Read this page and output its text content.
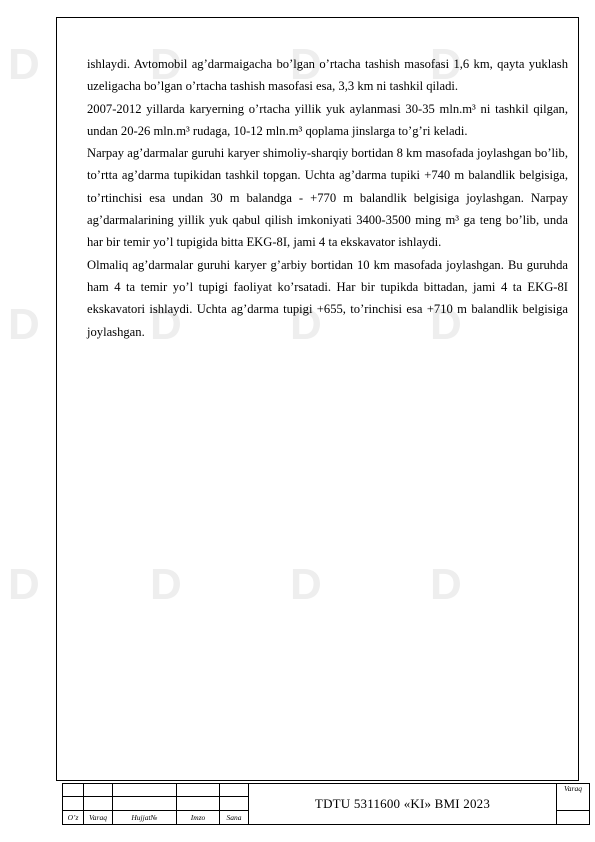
D	D D D
D	D D D
D	D D D

ishlaydi. Avtomobil ag’darmaigacha bo’lgan o’rtacha tashish masofasi 1,6 km, qayta yuklash uzeligacha bo’lgan o’rtacha tashish masofasi esa, 3,3 km ni tashkil qiladi.

2007-2012 yillarda karyerning o’rtacha yillik yuk aylanmasi 30-35 mln.m³ ni tashkil qilgan, undan 20-26 mln.m³ rudaga, 10-12 mln.m³ qoplama jinslarga to’g’ri keladi.

Narpay ag’darmalar guruhi karyer shimoliy-sharqiy bortidan 8 km masofada joylashgan bo’lib, to’rtta ag’darma tupikidan tashkil topgan. Uchta ag’darma tupiki +740 m balandlik belgisiga, to’rtinchisi esa undan 30 m balandga - +770 m balandlik belgisiga joylashgan. Narpay ag’darmalarining yillik yuk qabul qilish imkoniyati 3400-3500 ming m³ ga teng bo’lib, unda har bir temir yo’l tupigida bitta EKG-8I, jami 4 ta ekskavator ishlaydi.

Olmaliq ag’darmalar guruhi karyer g’arbiy bortidan 10 km masofada joylashgan. Bu guruhda ham 4 ta temir yo’l tupigi faoliyat ko’rsatadi. Har bir tupikda bittadan, jami 4 ta EKG-8I ekskavatori ishlaydi. Uchta ag’darma tupigi +655, to’rinchisi esa +710 m balandlik belgisiga joylashgan.

					TDTU 5311600 «KI» BMI 2023	Varaq

O’z	Varaq	Hujjat№	Imzo	Sana		
